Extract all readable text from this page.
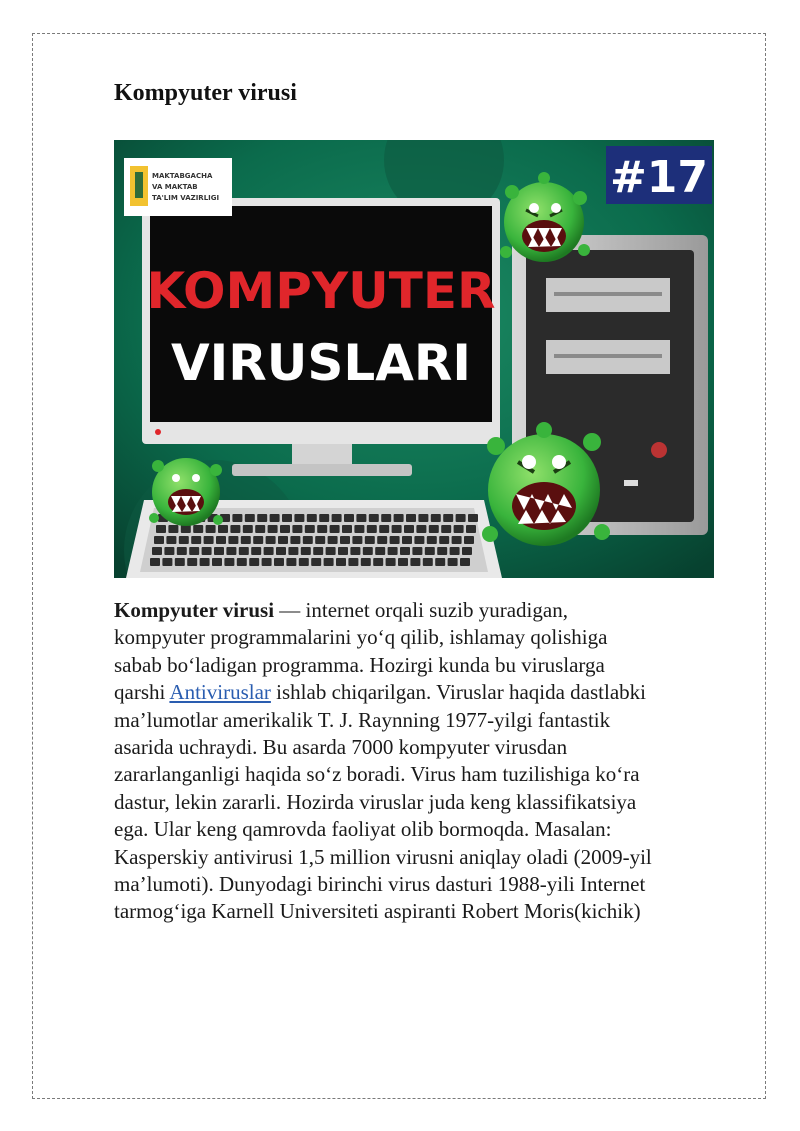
Kompyuter virusi
KOMPYUTER
VIRUSLARI
MAKTABGACHA
VA MAKTAB
TA'LIM VAZIRLIGI	#17

Kompyuter virusi — internet orqali suzib yuradigan,
kompyuter programmalarini yo‘q qilib, ishlamay qolishiga
sabab bo‘ladigan programma. Hozirgi kunda bu viruslarga
qarshi Antiviruslar ishlab chiqarilgan. Viruslar haqida dastlabki
ma’lumotlar amerikalik T. J. Raynning 1977-yilgi fantastik
asarida uchraydi. Bu asarda 7000 kompyuter virusdan
zararlanganligi haqida so‘z boradi. Virus ham tuzilishiga ko‘ra
dastur, lekin zararli. Hozirda viruslar juda keng klassifikatsiya
ega. Ular keng qamrovda faoliyat olib bormoqda. Masalan:
Kasperskiy antivirusi 1,5 million virusni aniqlay oladi (2009-yil
ma’lumoti). Dunyodagi birinchi virus dasturi 1988-yili Internet
tarmog‘iga Karnell Universiteti aspiranti Robert Moris(kichik)
